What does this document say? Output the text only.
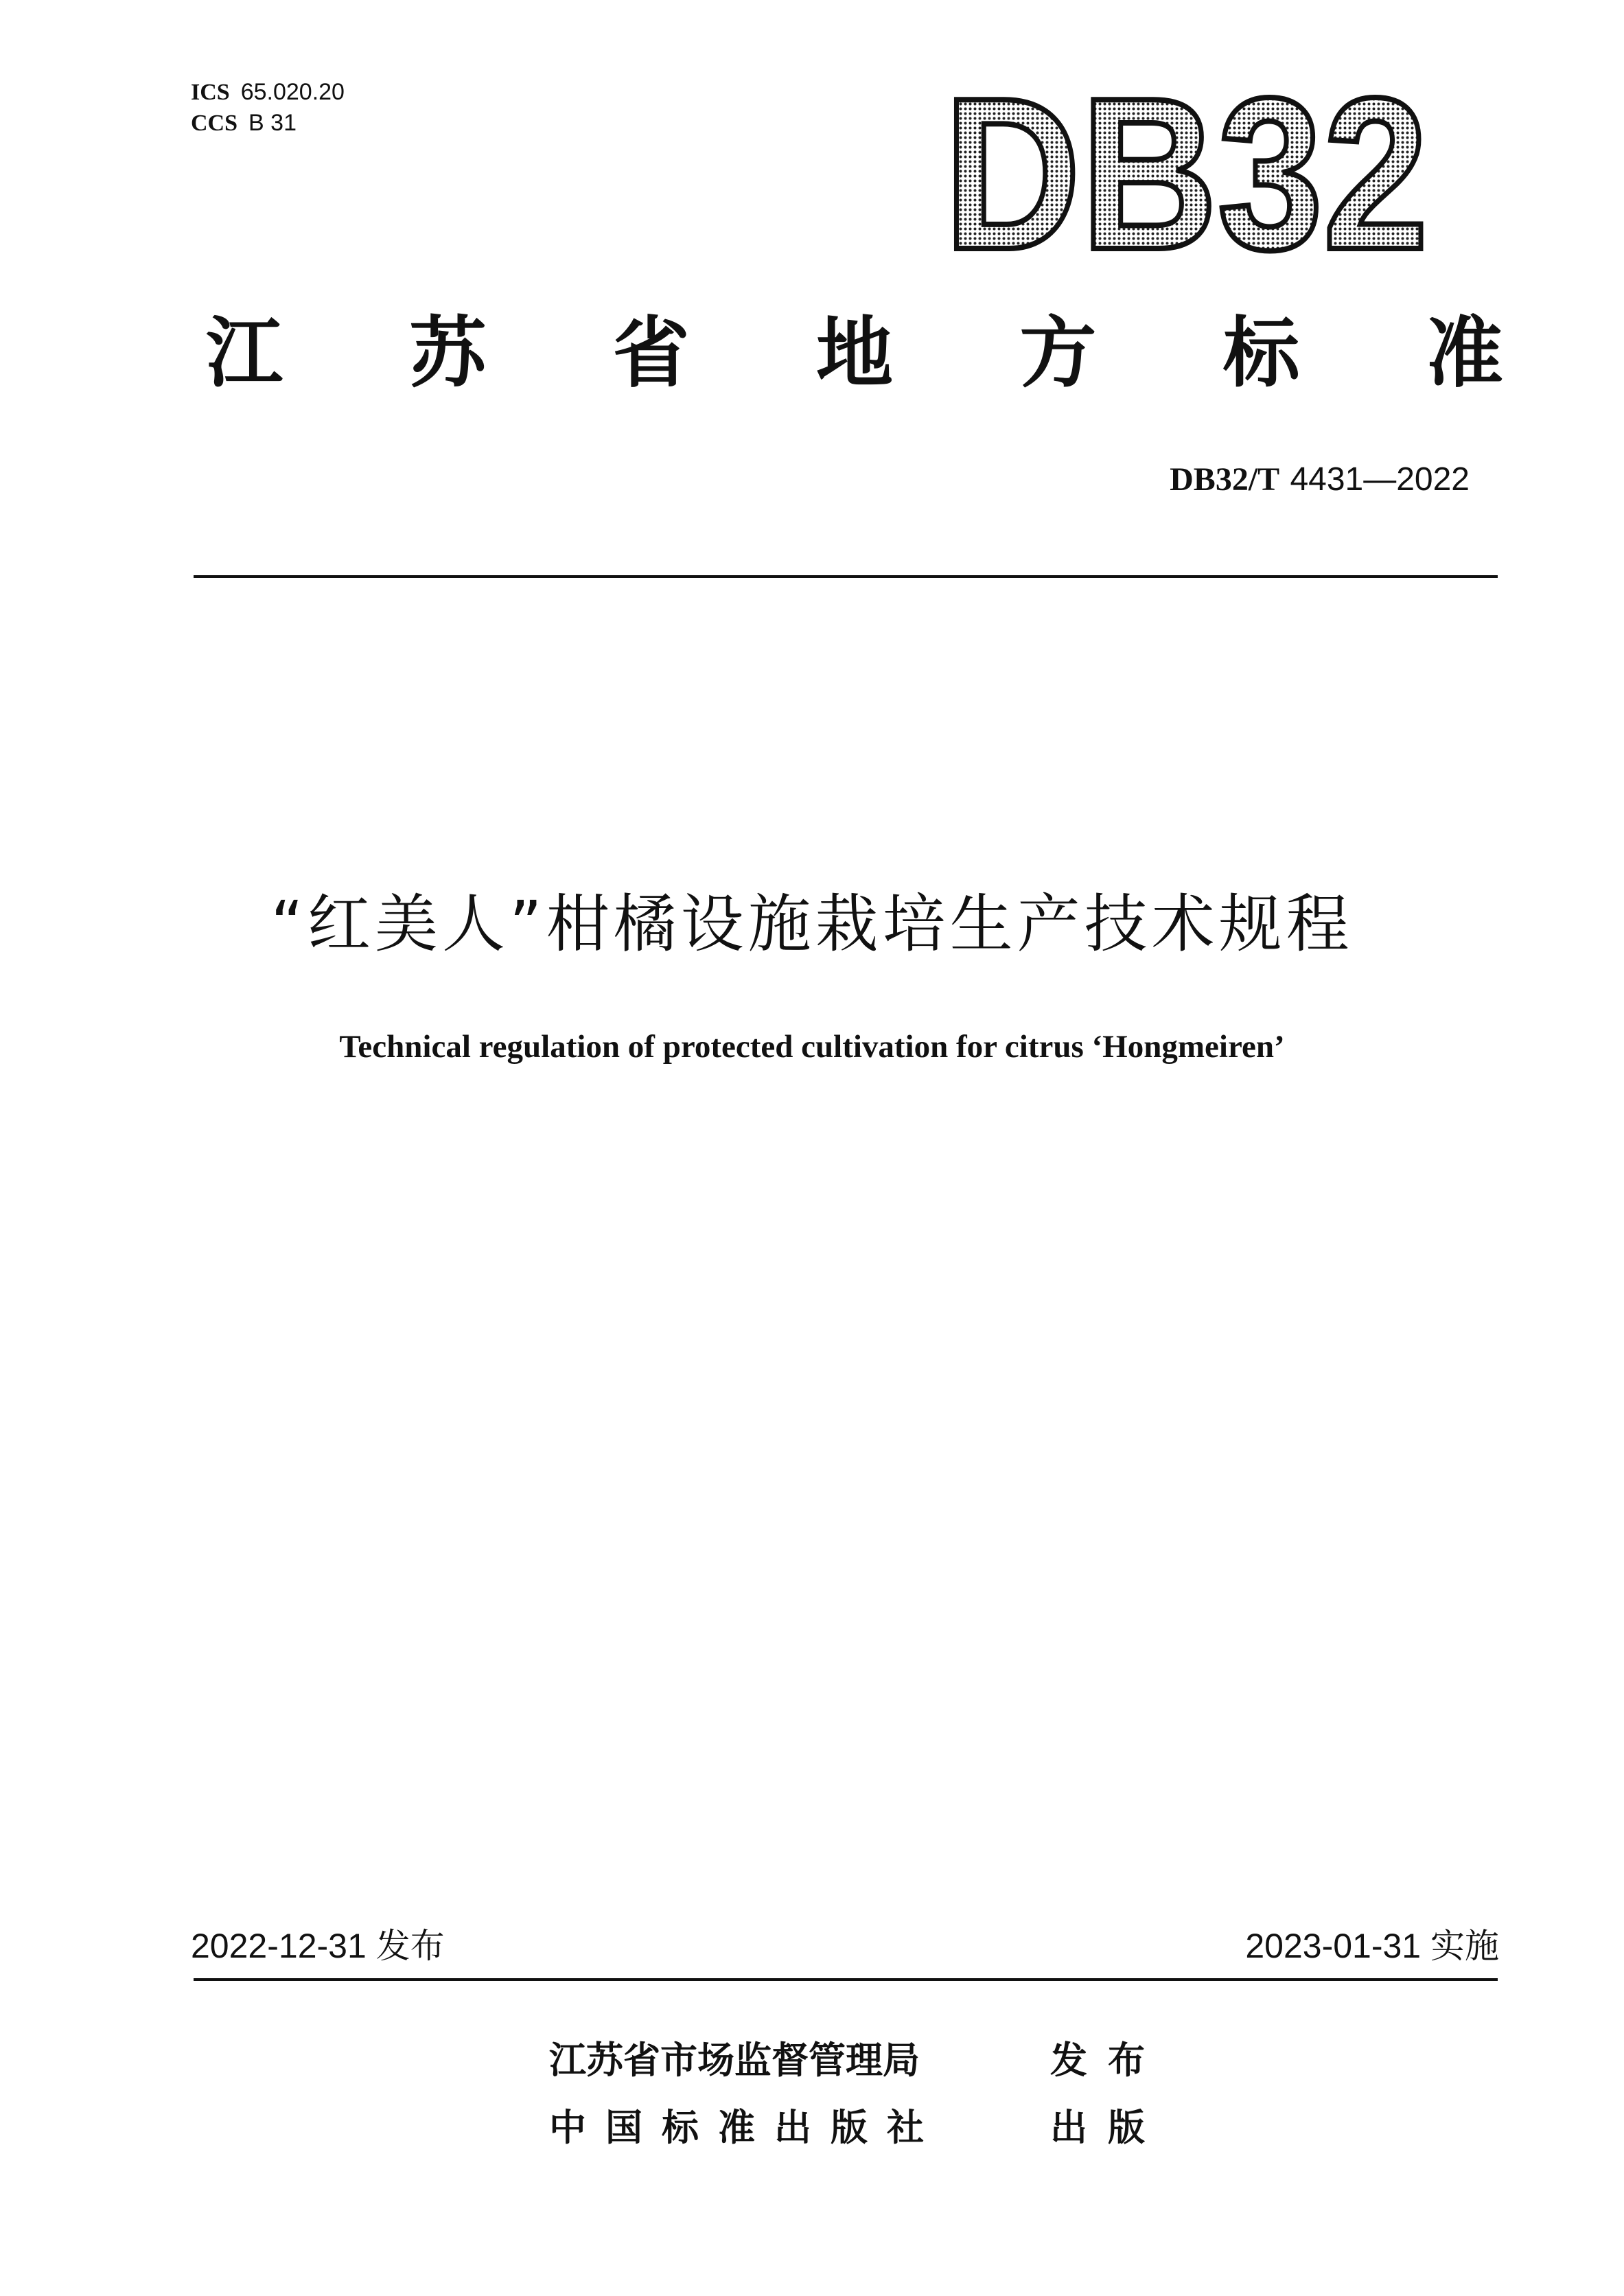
ICS 65.020.20
CCS B 31	DB32
江 苏 省 地 方 标 准
DB32/T 4431—2022
“红美人”柑橘设施栽培生产技术规程
Technical regulation of protected cultivation for citrus ‘Hongmeiren’
2022-12-31 发布	2023-01-31 实施
江苏省市场监督管理局	发布
中国标准出版社	出版
